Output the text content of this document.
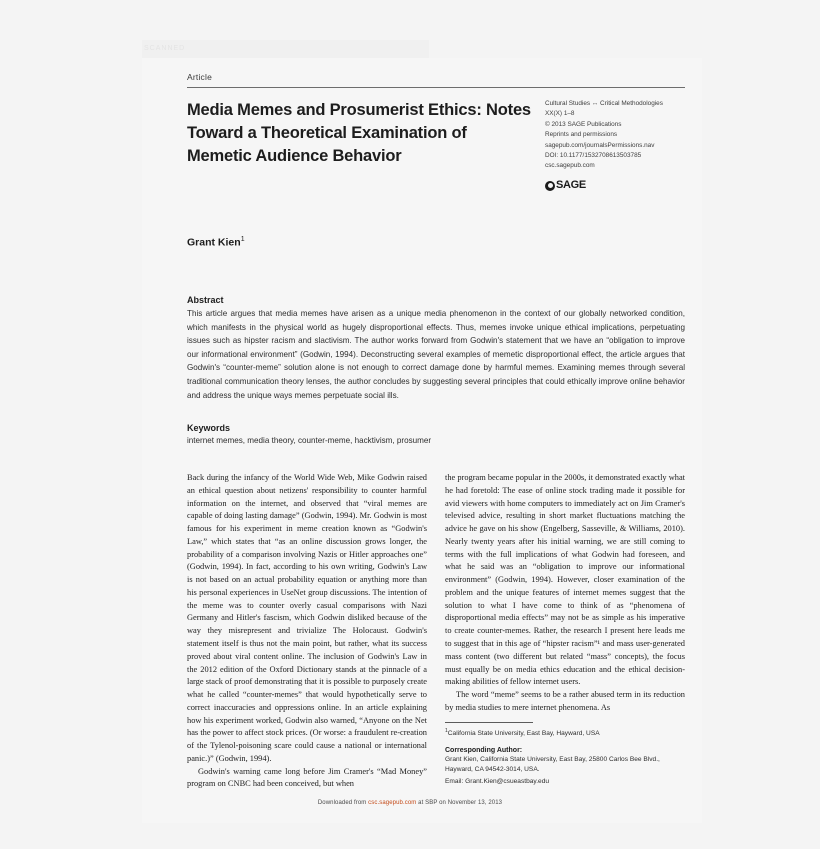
SCANNED
Article
Media Memes and Prosumerist Ethics: Notes Toward a Theoretical Examination of Memetic Audience Behavior
Cultural Studies ↔ Critical Methodologies
XX(X) 1–8
© 2013 SAGE Publications
Reprints and permissions
sagepub.com/journalsPermissions.nav
DOI: 10.1177/1532708613503785
csc.sagepub.com
SAGE
Grant Kien$^1$
Abstract
This article argues that media memes have arisen as a unique media phenomenon in the context of our globally networked condition, which manifests in the physical world as hugely disproportional effects. Thus, memes invoke unique ethical implications, perpetuating issues such as hipster racism and slactivism. The author works forward from Godwin's statement that we have an “obligation to improve our informational environment” (Godwin, 1994). Deconstructing several examples of memetic disproportional effect, the article argues that Godwin's “counter-meme” solution alone is not enough to correct damage done by harmful memes. Examining memes through several traditional communication theory lenses, the author concludes by suggesting several principles that could ethically improve online behavior and address the unique ways memes perpetuate social ills.
Keywords
internet memes, media theory, counter-meme, hacktivism, prosumer

Back during the infancy of the World Wide Web, Mike Godwin raised an ethical question about netizens' responsibility to counter harmful information on the internet, and observed that “viral memes are capable of doing lasting damage” (Godwin, 1994). Mr. Godwin is most famous for his experiment in meme creation known as “Godwin's Law,” which states that “as an online discussion grows longer, the probability of a comparison involving Nazis or Hitler approaches one” (Godwin, 1994). In fact, according to his own writing, Godwin's Law is not based on an actual probability equation or anything more than his personal experiences in UseNet group discussions. The intention of the meme was to counter overly casual comparisons with Nazi Germany and Hitler's fascism, which Godwin disliked because of the way they misrepresent and trivialize The Holocaust. Godwin's statement itself is thus not the main point, but rather, what its success proved about viral content online. The inclusion of Godwin's Law in the 2012 edition of the Oxford Dictionary stands at the pinnacle of a large stack of proof demonstrating that it is possible to purposely create what he called “counter-memes” that would hypothetically serve to correct inaccuracies and oppressions online. In an article explaining how his experiment worked, Godwin also warned, “Anyone on the Net has the power to affect stock prices. (Or worse: a fraudulent re-creation of the Tylenol-poisoning scare could cause a national or international panic.)” (Godwin, 1994).

Godwin's warning came long before Jim Cramer's “Mad Money” program on CNBC had been conceived, but when

the program became popular in the 2000s, it demonstrated exactly what he had foretold: The ease of online stock trading made it possible for avid viewers with home computers to immediately act on Jim Cramer's televised advice, resulting in short market fluctuations matching the advice he gave on his show (Engelberg, Sasseville, & Williams, 2010). Nearly twenty years after his initial warning, we are still coming to terms with the full implications of what Godwin had foreseen, and what he said was an “obligation to improve our informational environment” (Godwin, 1994). However, closer examination of the problem and the unique features of internet memes suggest that the solution to what I have come to think of as “phenomena of disproportional media effects” may not be as simple as his imperative to create counter-memes. Rather, the research I present here leads me to suggest that in this age of “hipster racism”¹ and mass user-generated mass content (two different but related “mass” concepts), the focus must equally be on media ethics education and the ethical decision-making abilities of fellow internet users.

The word “meme” seems to be a rather abused term in its reduction by media studies to mere internet phenomena. As

$^1$California State University, East Bay, Hayward, USA
Corresponding Author:
Grant Kien, California State University, East Bay, 25800 Carlos Bee Blvd., Hayward, CA 94542-3014, USA.
Email: Grant.Kien@csueastbay.edu
Downloaded from csc.sagepub.com at SBP on November 13, 2013
